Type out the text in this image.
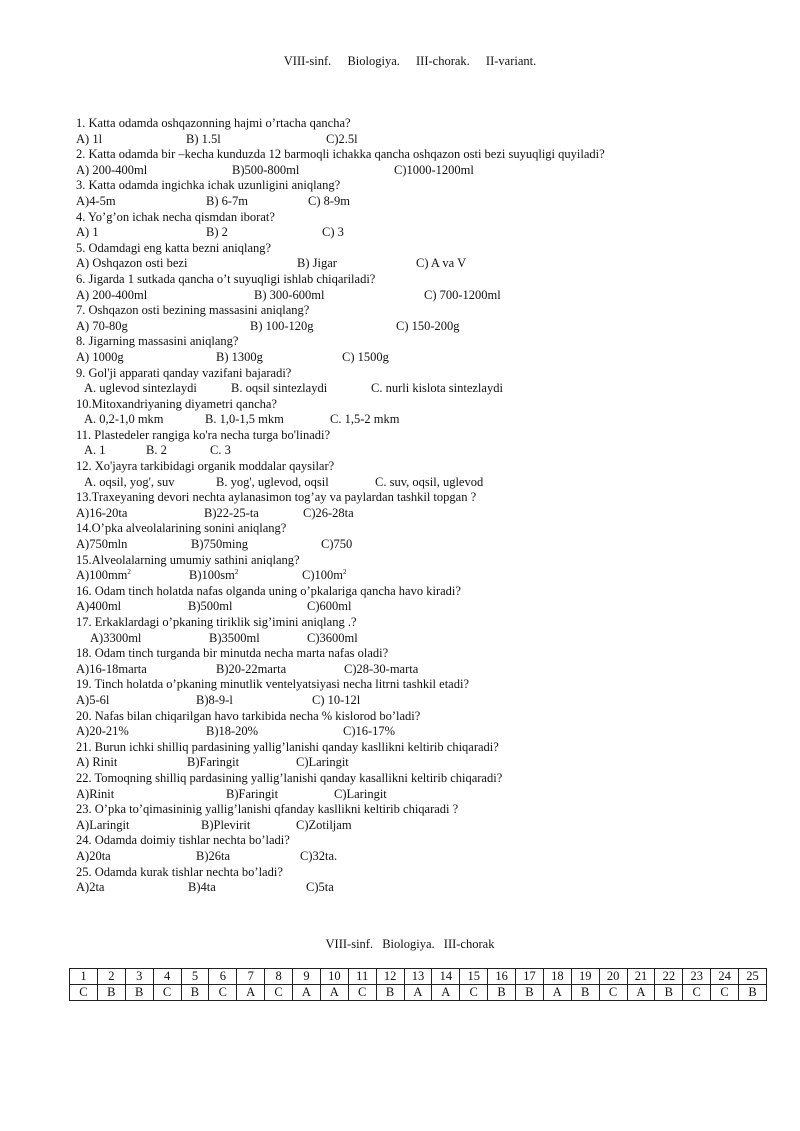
VIII-sinf. Biologiya. III-chorak. II-variant.
1. Katta odamda oshqazonning hajmi o’rtacha qancha?
A) 1l	B) 1.5l	C)2.5l
2. Katta odamda bir –kecha kunduzda 12 barmoqli ichakka qancha oshqazon osti bezi suyuqligi quyiladi?
A) 200-400ml	B)500-800ml	C)1000-1200ml
3. Katta odamda ingichka ichak uzunligini aniqlang?
A)4-5m	B) 6-7m	C) 8-9m
4. Yo’g’on ichak necha qismdan iborat?
A) 1	B) 2	C) 3
5. Odamdagi eng katta bezni aniqlang?
A) Oshqazon osti bezi	B) Jigar	C) A va V
6. Jigarda 1 sutkada qancha o’t suyuqligi ishlab chiqariladi?
A) 200-400ml	B) 300-600ml	C) 700-1200ml
7. Oshqazon osti bezining massasini aniqlang?
A) 70-80g	B) 100-120g	C) 150-200g
8. Jigarning massasini aniqlang?
A) 1000g	B) 1300g	C) 1500g
9. Gol'ji apparati qanday vazifani bajaradi?
A. uglevod sintezlaydi	B. oqsil sintezlaydi	C. nurli kislota sintezlaydi
10.Mitoxandriyaning diyametri qancha?
A. 0,2-1,0 mkm	B. 1,0-1,5 mkm	C. 1,5-2 mkm
11. Plastedeler rangiga ko'ra necha turga bo'linadi?
A. 1	B. 2	C. 3
12. Xo'jayra tarkibidagi organik moddalar qaysilar?
A. oqsil, yog', suv	B. yog', uglevod, oqsil	C. suv, oqsil, uglevod
13.Traxeyaning devori nechta aylanasimon tog’ay va paylardan tashkil topgan ?
A)16-20ta	B)22-25-ta	C)26-28ta
14.O’pka alveolalarining sonini aniqlang?
A)750mln	B)750ming	C)750
15.Alveolalarning umumiy sathini aniqlang?
$A)100mm^2$	$B)100sm^2$	$C)100m^2$
16. Odam tinch holatda nafas olganda uning o’pkalariga qancha havo kiradi?
A)400ml	B)500ml	C)600ml
17. Erkaklardagi o’pkaning tiriklik sig’imini aniqlang .?
A)3300ml	B)3500ml	C)3600ml
18. Odam tinch turganda bir minutda necha marta nafas oladi?
A)16-18marta	B)20-22marta	C)28-30-marta
19. Tinch holatda o’pkaning minutlik ventelyatsiyasi necha litrni tashkil etadi?
A)5-6l	B)8-9-l	C) 10-12l
20. Nafas bilan chiqarilgan havo tarkibida necha % kislorod bo’ladi?
A)20-21%	B)18-20%	C)16-17%
21. Burun ichki shilliq pardasining yallig’lanishi qanday kasllikni keltirib chiqaradi?
A) Rinit	B)Faringit	C)Laringit
22. Tomoqning shilliq pardasining yallig’lanishi qanday kasallikni keltirib chiqaradi?
A)Rinit	B)Faringit	C)Laringit
23. O’pka to’qimasininig yallig’lanishi qfanday kasllikni keltirib chiqaradi ?
A)Laringit	B)Plevirit	C)Zotiljam
24. Odamda doimiy tishlar nechta bo’ladi?
A)20ta	B)26ta	C)32ta.
25. Odamda kurak tishlar nechta bo’ladi?
A)2ta	B)4ta	C)5ta
VIII-sinf. Biologiya. III-chorak
1	2	3	4	5	6	7	8	9	10	11	12	13	14	15	16	17	18	19	20	21	22	23	24	25
C	B	B	C	B	C	A	C	A	A	C	B	A	A	C	B	B	A	B	C	A	B	C	C	B
